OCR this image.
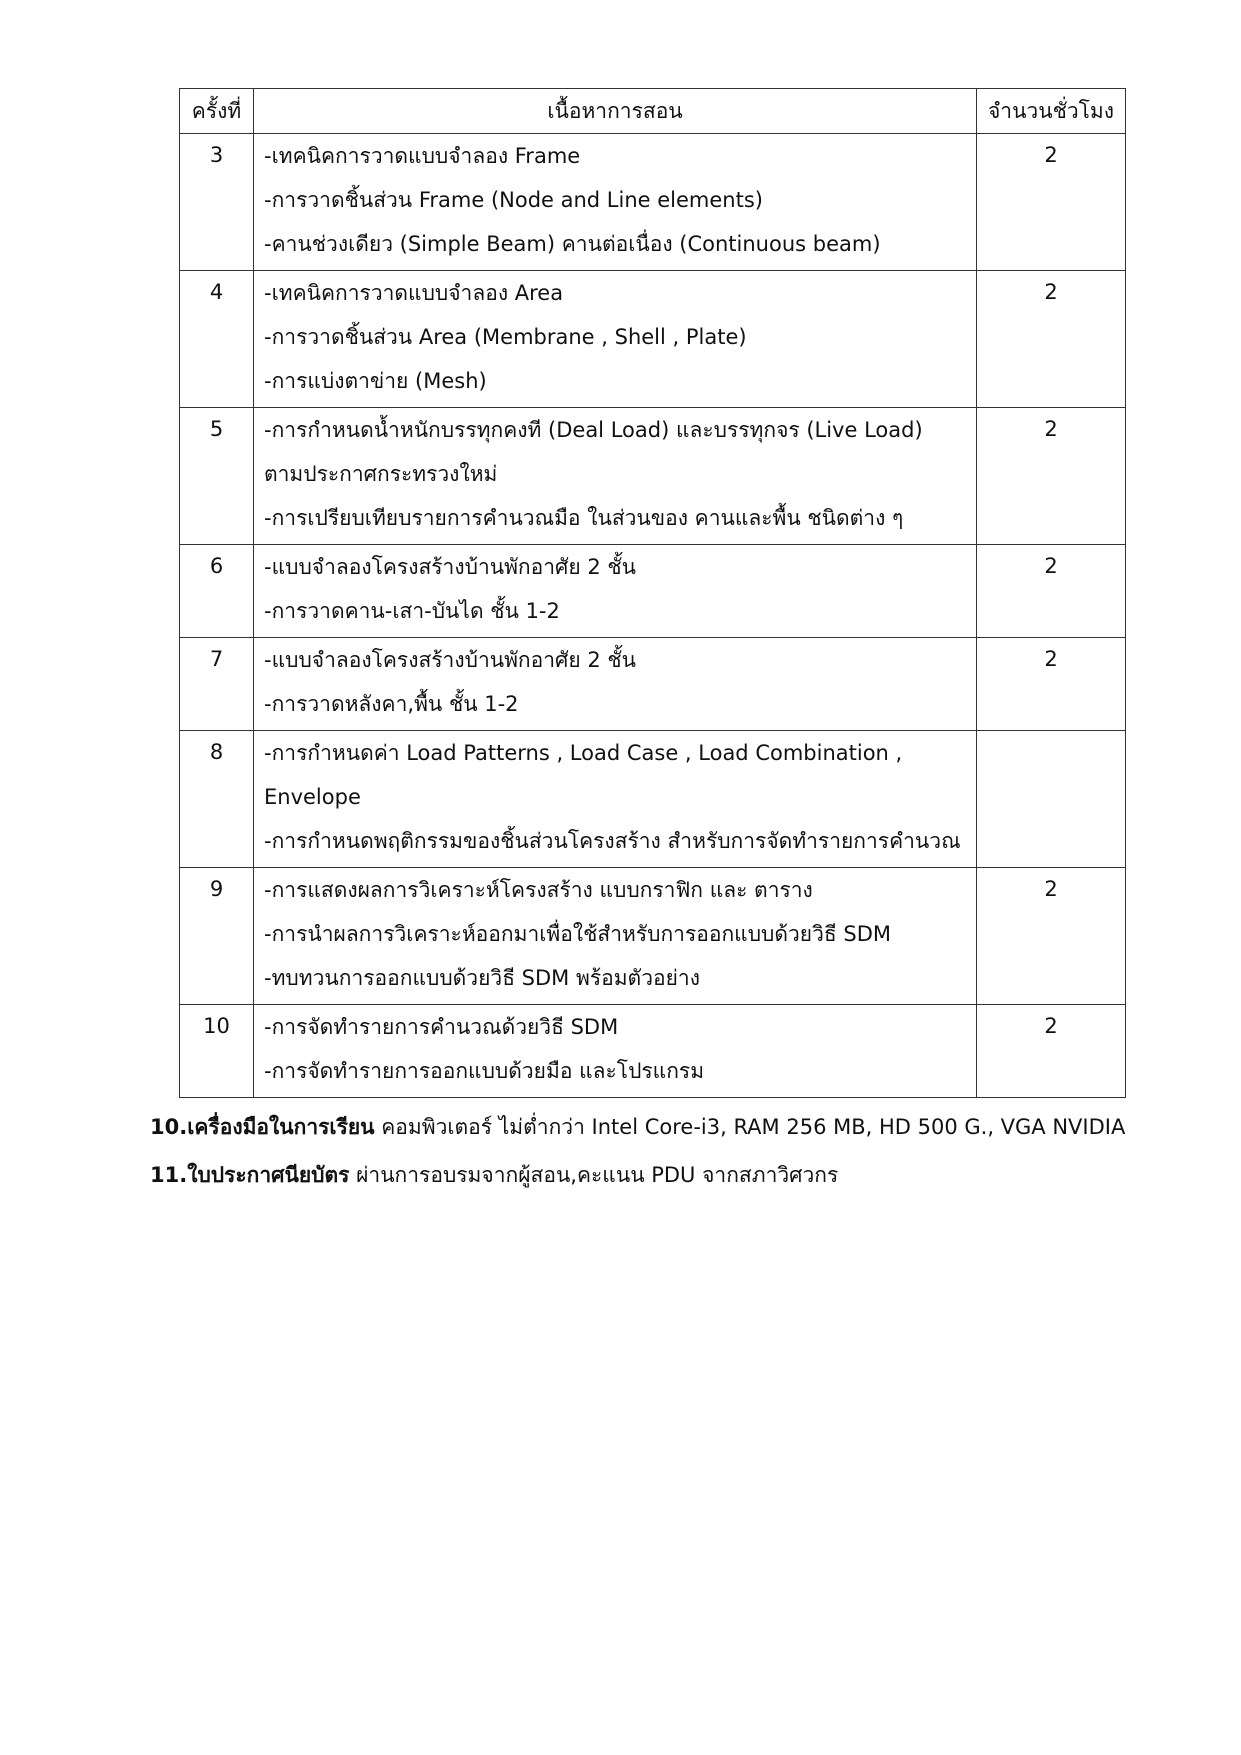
ครั้งที่	เนื้อหาการสอน	จำนวนชั่วโมง
3	-เทคนิคการวาดแบบจำลอง Frame
-การวาดชิ้นส่วน Frame (Node and Line elements)
-คานช่วงเดียว (Simple Beam) คานต่อเนื่อง (Continuous beam)	2
4	-เทคนิคการวาดแบบจำลอง Area
-การวาดชิ้นส่วน Area (Membrane , Shell , Plate)
-การแบ่งตาข่าย (Mesh)	2
5	-การกำหนดน้ำหนักบรรทุกคงที (Deal Load) และบรรทุกจร (Live Load)
ตามประกาศกระทรวงใหม่
-การเปรียบเทียบรายการคำนวณมือ ในส่วนของ คานและพื้น ชนิดต่าง ๆ	2
6	-แบบจำลองโครงสร้างบ้านพักอาศัย 2 ชั้น
-การวาดคาน-เสา-บันได ชั้น 1-2	2
7	-แบบจำลองโครงสร้างบ้านพักอาศัย 2 ชั้น
-การวาดหลังคา,พื้น ชั้น 1-2	2
8	-การกำหนดค่า Load Patterns , Load Case , Load Combination ,
Envelope
-การกำหนดพฤติกรรมของชิ้นส่วนโครงสร้าง สำหรับการจัดทำรายการคำนวณ	

9	-การแสดงผลการวิเคราะห์โครงสร้าง แบบกราฟิก และ ตาราง
-การนำผลการวิเคราะห์ออกมาเพื่อใช้สำหรับการออกแบบด้วยวิธี SDM
-ทบทวนการออกแบบด้วยวิธี SDM พร้อมตัวอย่าง	2
10	-การจัดทำรายการคำนวณด้วยวิธี SDM
-การจัดทำรายการออกแบบด้วยมือ และโปรแกรม	2
10.เครื่องมือในการเรียน คอมพิวเตอร์ ไม่ต่ำกว่า Intel Core-i3, RAM 256 MB, HD 500 G., VGA NVIDIA
11.ใบประกาศนียบัตร ผ่านการอบรมจากผู้สอน,คะแนน PDU จากสภาวิศวกร
